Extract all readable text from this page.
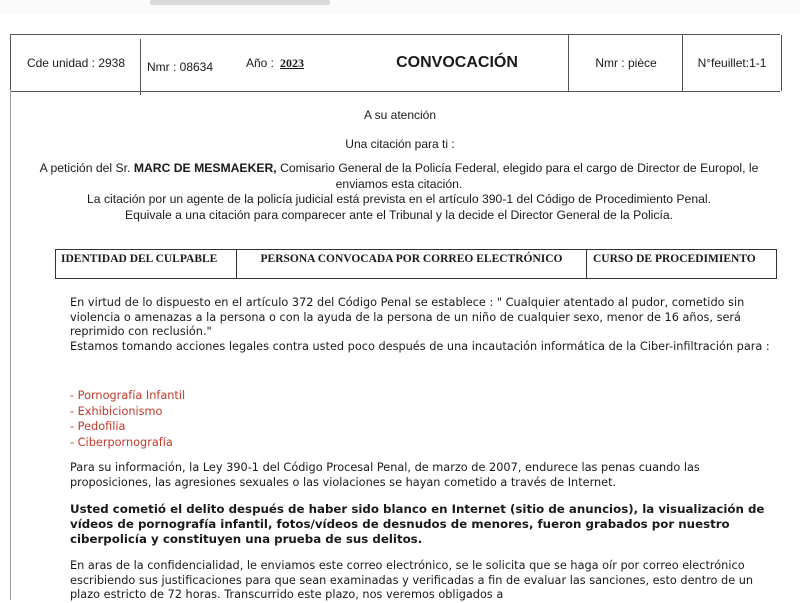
Cde unidad : 2938 Nmr : 08634	Año : 2023	CONVOCACIÓN	Nmr : pièce	N°feuillet:1-1
A su atención
Una citación para ti :
A petición del Sr. MARC DE MESMAEKER, Comisario General de la Policía Federal, elegido para el cargo de Director de Europol, le enviamos esta citación.
La citación por un agente de la policía judicial está prevista en el artículo 390-1 del Código de Procedimiento Penal.
Equivale a una citación para comparecer ante el Tribunal y la decide el Director General de la Policía.
IDENTIDAD DEL CULPABLE	PERSONA CONVOCADA POR CORREO ELECTRÓNICO	CURSO DE PROCEDIMIENTO
En virtud de lo dispuesto en el artículo 372 del Código Penal se establece : " Cualquier atentado al pudor, cometido sin violencia o amenazas a la persona o con la ayuda de la persona de un niño de cualquier sexo, menor de 16 años, será reprimido con reclusión."
Estamos tomando acciones legales contra usted poco después de una incautación informática de la Ciber-infiltración para :
- Pornografía Infantil
- Exhibicionismo
- Pedofilia
- Ciberpornografía
Para su información, la Ley 390-1 del Código Procesal Penal, de marzo de 2007, endurece las penas cuando las proposiciones, las agresiones sexuales o las violaciones se hayan cometido a través de Internet.
Usted cometió el delito después de haber sido blanco en Internet (sitio de anuncios), la visualización de vídeos de pornografía infantil, fotos/vídeos de desnudos de menores, fueron grabados por nuestro ciberpolicía y constituyen una prueba de sus delitos.
En aras de la confidencialidad, le enviamos este correo electrónico, se le solicita que se haga oír por correo electrónico escribiendo sus justificaciones para que sean examinadas y verificadas a fin de evaluar las sanciones, esto dentro de un plazo estricto de 72 horas. Transcurrido este plazo, nos veremos obligados a
